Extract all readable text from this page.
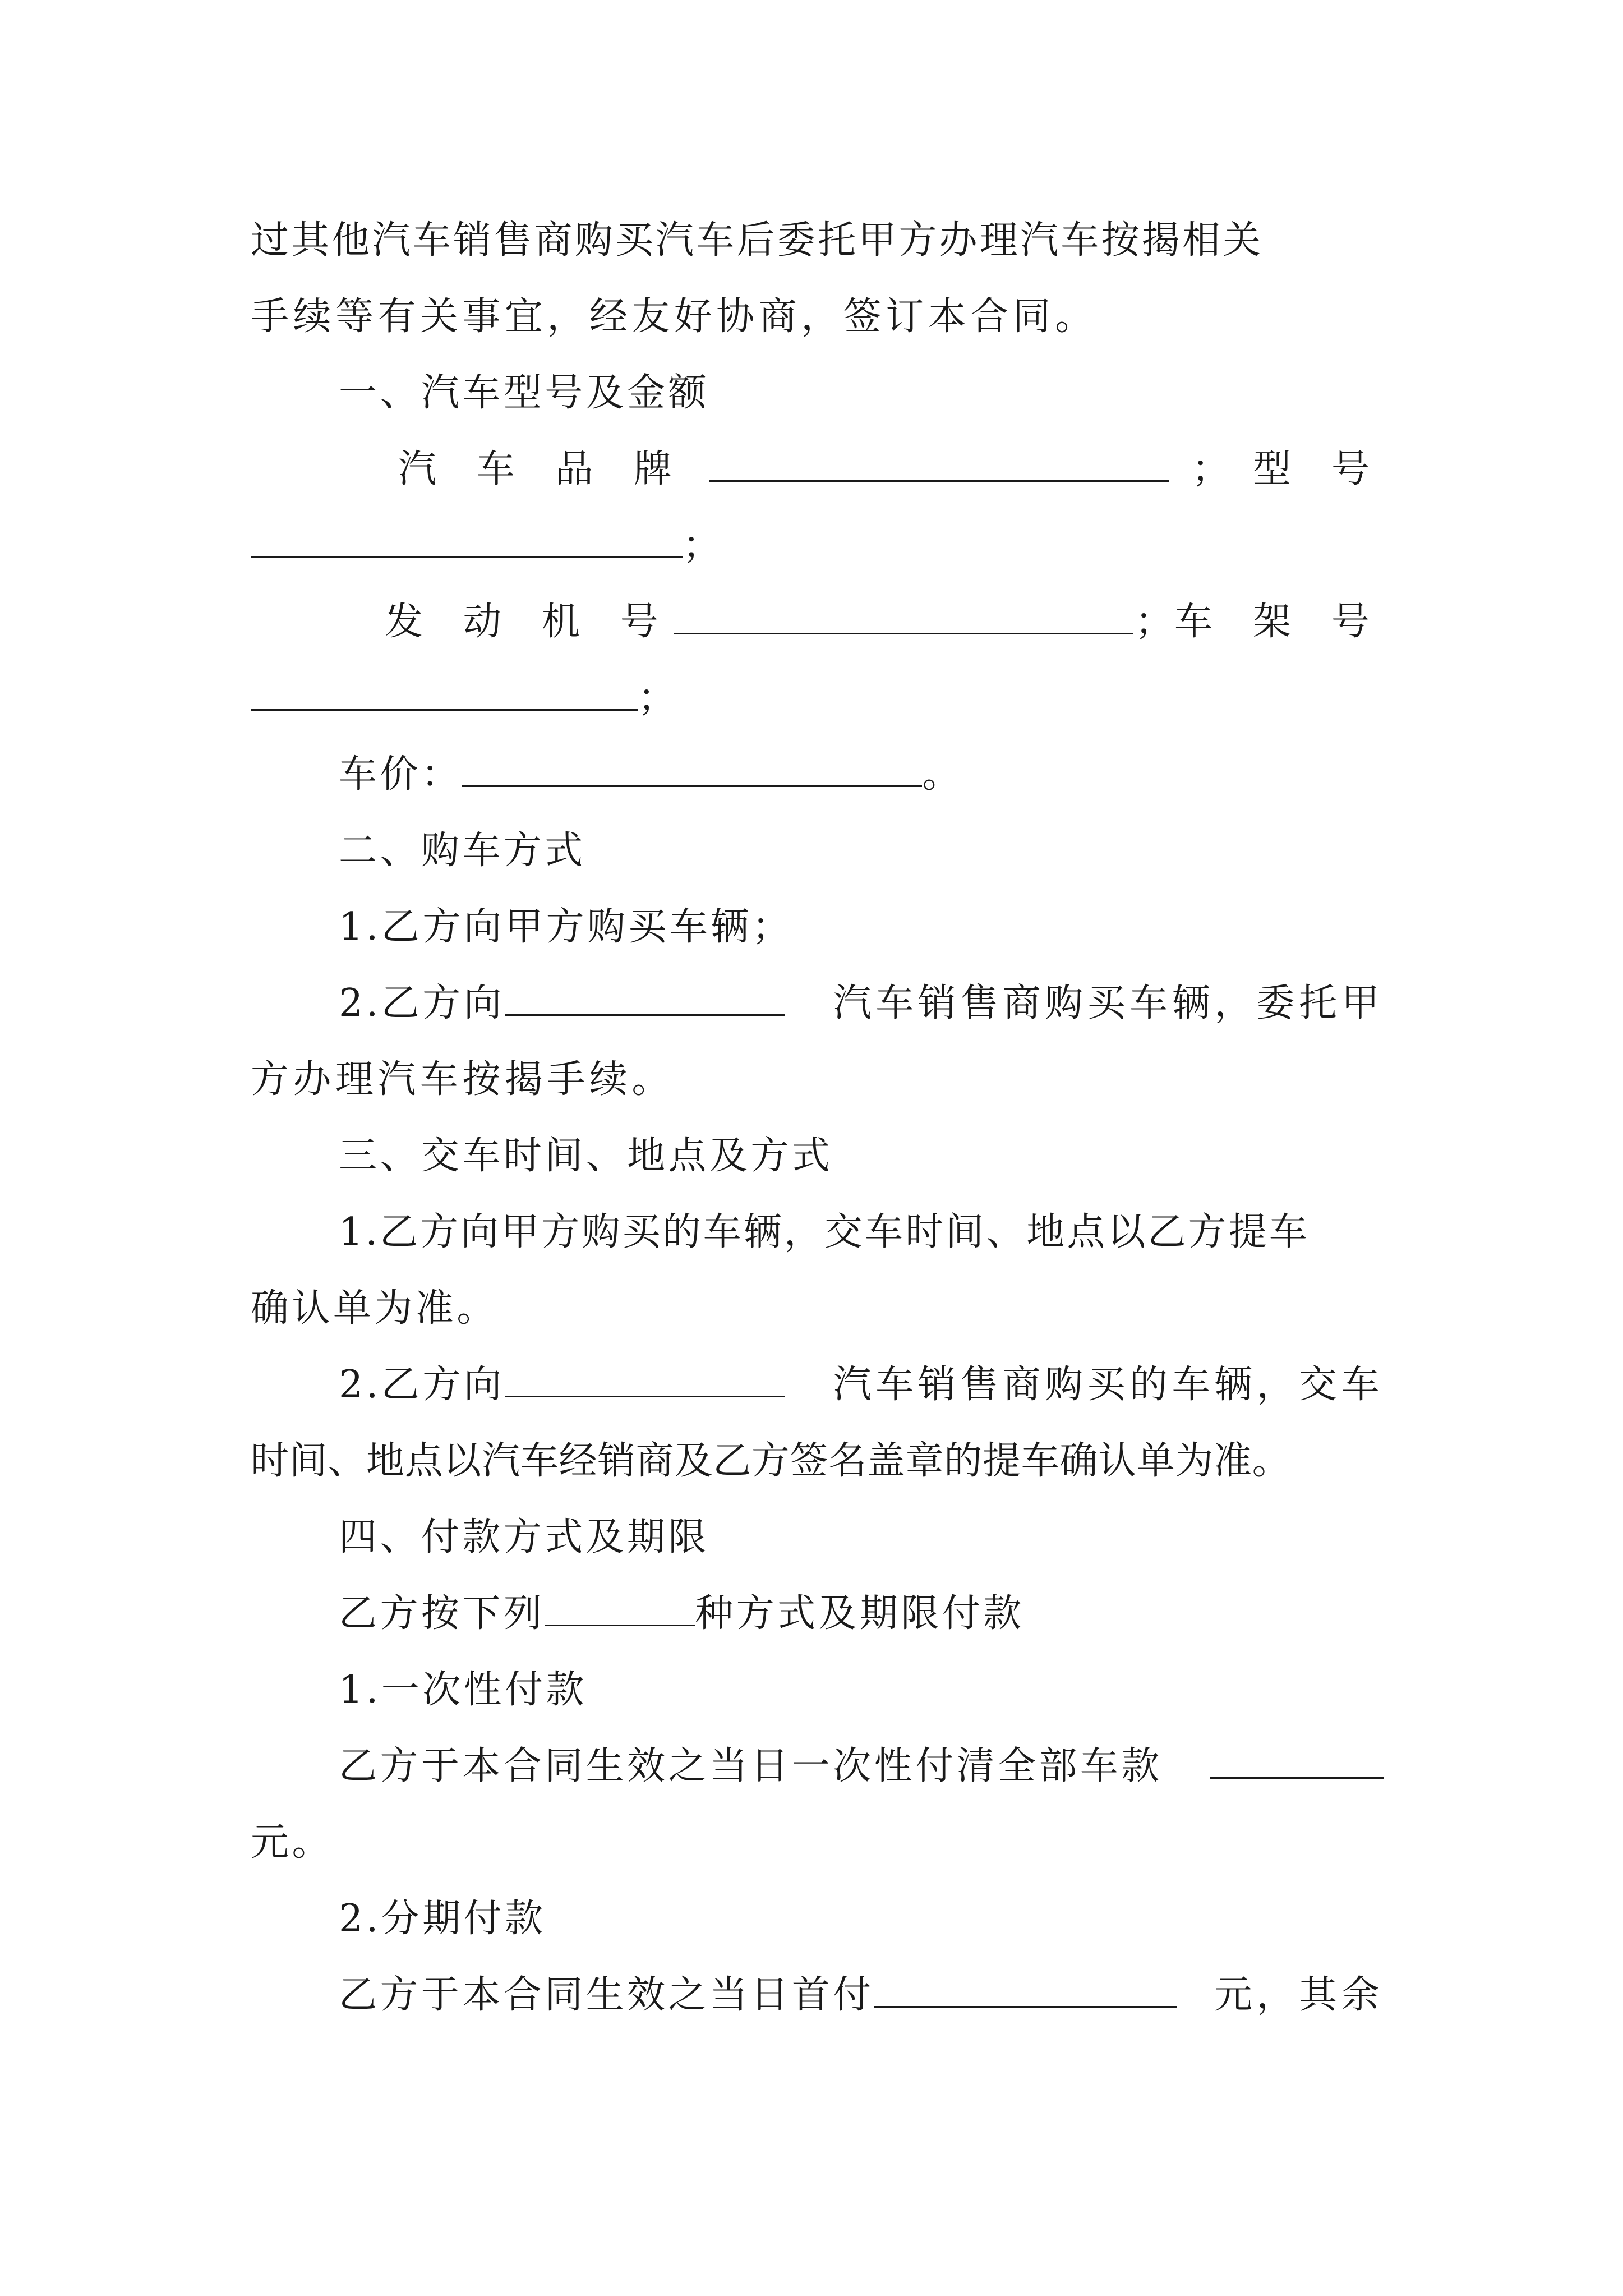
过其他汽车销售商购买汽车后委托甲方办理汽车按揭相关
手续等有关事宜，经友好协商，签订本合同。
一、汽车型号及金额
汽 车 品 牌	； 型 号
；
发 动 机 号	； 车 架 号
；
车价：	。
二、购车方式
1.乙方向甲方购买车辆；
2.乙方向	汽车销售商购买车辆，委托甲
方办理汽车按揭手续。
三、交车时间、地点及方式
1.乙方向甲方购买的车辆，交车时间、地点以乙方提车
确认单为准。
2.乙方向	汽车销售商购买的车辆，交车
时间、地点以汽车经销商及乙方签名盖章的提车确认单为准。
四、付款方式及期限
乙方按下列	种方式及期限付款
1.一次性付款
乙方于本合同生效之当日一次性付清全部车款
元。
2.分期付款
乙方于本合同生效之当日首付	元，其余
